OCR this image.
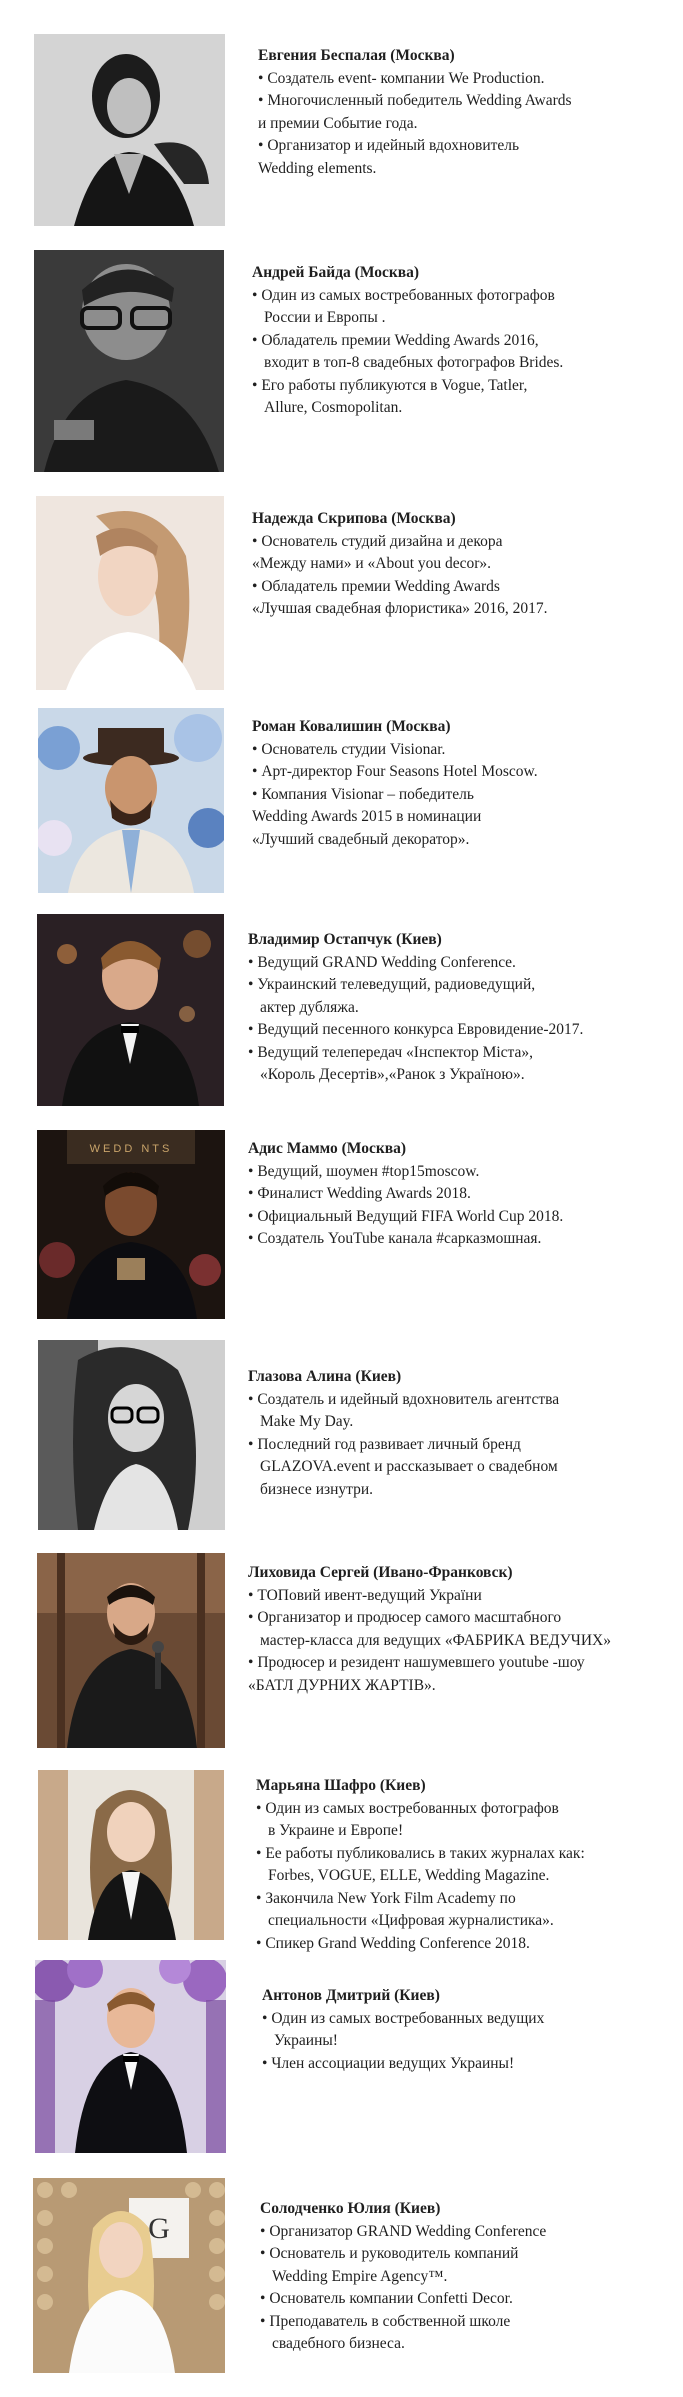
Евгения Беспалая (Москва)
• Создатель event- компании We Production.
• Многочисленный победитель Wedding Awards
и премии Событие года.
• Организатор и идейный вдохновитель
Wedding elements.
Андрей Байда (Москва)
• Один из самых востребованных фотографов
России и Европы .
• Обладатель премии Wedding Awards 2016,
входит в топ-8 свадебных фотографов Brides.
• Его работы публикуются в Vogue, Tatler,
Allure, Cosmopolitan.
Надежда Скрипова (Москва)
• Основатель студий дизайна и декора
«Между нами» и «About you decor».
• Обладатель премии Wedding Awards
«Лучшая свадебная флористика» 2016, 2017.
Роман Ковалишин (Москва)
• Основатель студии Visionar.
• Арт-директор Four Seasons Hotel Moscow.
• Компания Visionar – победитель
Wedding Awards 2015 в номинации
«Лучший свадебный декоратор».
Владимир Остапчук (Киев)
• Ведущий GRAND Wedding Conference.
• Украинский телеведущий, радиоведущий,
актер дубляжа.
• Ведущий песенного конкурса Евровидение-2017.
• Ведущий телепередач «Iнспектор Мiста»,
«Король Десертів»,«Ранок з Україною».
WEDD NTS	Адис Маммо (Москва)
• Ведущий, шоумен #top15moscow.
• Финалист Wedding Awards 2018.
• Официальный Ведущий FIFA World Cup 2018.
• Создатель YouTube канала #сарказмошная.
Глазова Алина (Киев)
• Создатель и идейный вдохновитель агентства
Make My Day.
• Последний год развивает личный бренд
GLAZOVA.event и рассказывает о свадебном
бизнесе изнутри.
Лиховида Сергей (Ивано-Франковск)
• ТОПовий ивент-ведущий України
• Организатор и продюсер самого масштабного
мастер-класса для ведущих «ФАБРИКА ВЕДУЧИХ»
• Продюсер и резидент нашумевшего youtube -шоу
«БАТЛ ДУРНИХ ЖАРТІВ».
Марьяна Шафро (Киев)
• Один из самых востребованных фотографов
в Украине и Европе!
• Ее работы публиковались в таких журналах как:
Forbes, VOGUE, ELLE, Wedding Magazine.
• Закончила New York Film Academy по
специальности «Цифровая журналистика».
• Спикер Grand Wedding Conference 2018.
Антонов Дмитрий (Киев)
• Один из самых востребованных ведущих
Украины!
• Член ассоциации ведущих Украины!
G
Солодченко Юлия (Киев)
• Организатор GRAND Wedding Conference
• Основатель и руководитель компаний
Wedding Empire Agency™.
• Основатель компании Confetti Decor.
• Преподаватель в собственной школе
свадебного бизнеса.
